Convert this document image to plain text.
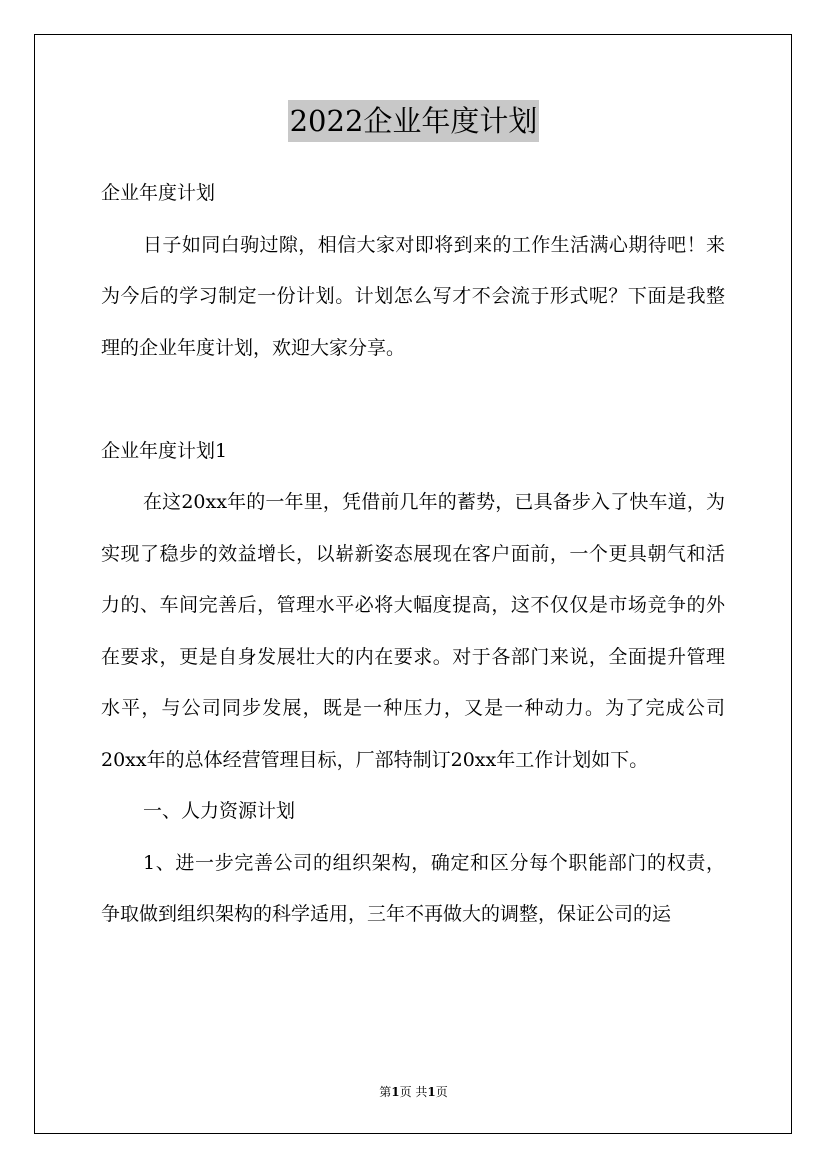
2022企业年度计划

企业年度计划

日子如同白驹过隙，相信大家对即将到来的工作生活满心期待吧！来为今后的学习制定一份计划。计划怎么写才不会流于形式呢？下面是我整理的企业年度计划，欢迎大家分享。

企业年度计划1

在这20xx年的一年里，凭借前几年的蓄势，已具备步入了快车道，为实现了稳步的效益增长，以崭新姿态展现在客户面前，一个更具朝气和活力的、车间完善后，管理水平必将大幅度提高，这不仅仅是市场竞争的外在要求，更是自身发展壮大的内在要求。对于各部门来说，全面提升管理水平，与公司同步发展，既是一种压力，又是一种动力。为了完成公司20xx年的总体经营管理目标，厂部特制订20xx年工作计划如下。

一、人力资源计划

1、进一步完善公司的组织架构，确定和区分每个职能部门的权责，争取做到组织架构的科学适用，三年不再做大的调整，保证公司的运

第1页 共1页
